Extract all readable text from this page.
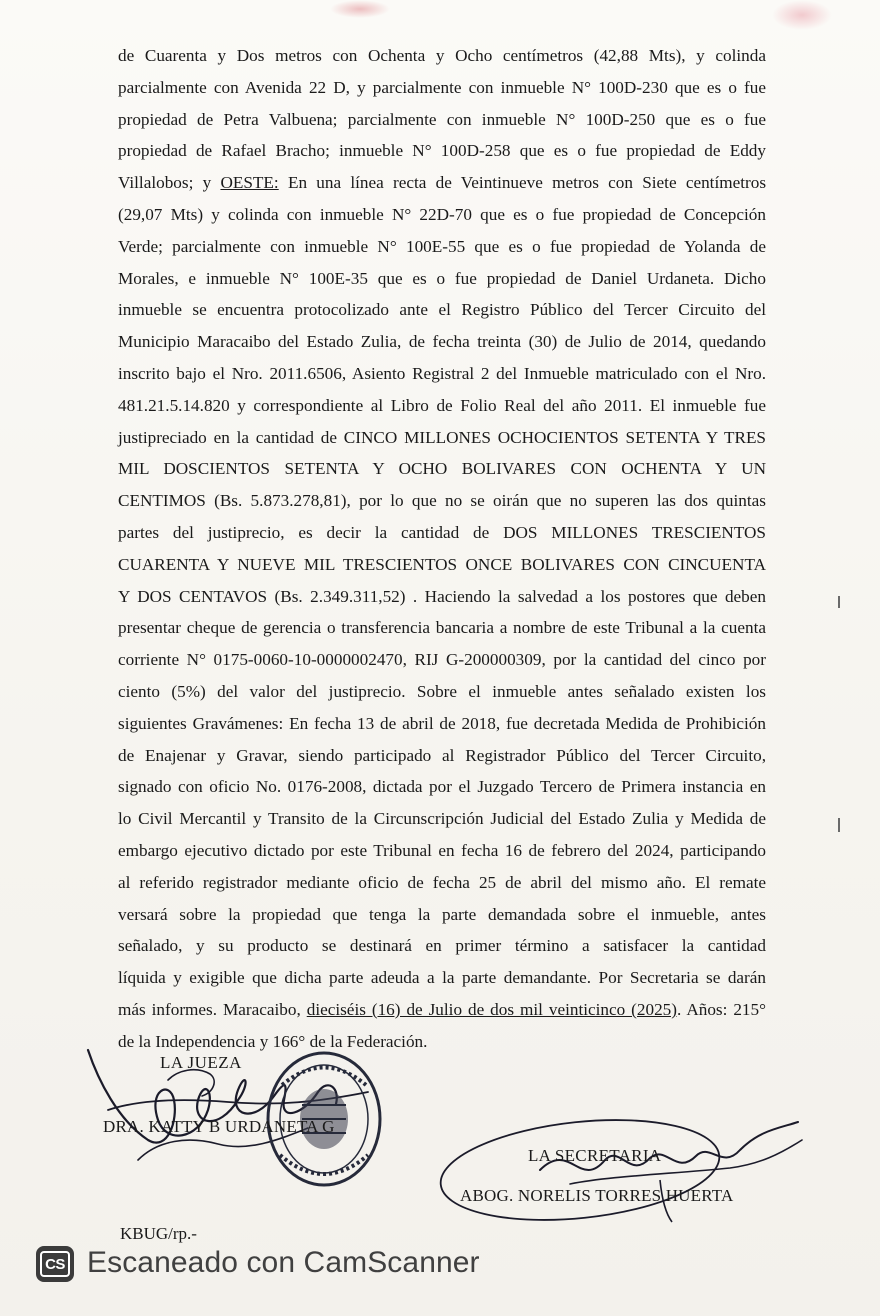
de Cuarenta y Dos metros con Ochenta y Ocho centímetros (42,88 Mts), y colinda
parcialmente con Avenida 22 D, y parcialmente con inmueble N° 100D-230 que es o fue
propiedad de Petra Valbuena; parcialmente con inmueble N° 100D-250 que es o fue
propiedad de Rafael Bracho; inmueble N° 100D-258 que es o fue propiedad de Eddy
Villalobos; y OESTE: En una línea recta de Veintinueve metros con Siete centímetros
(29,07 Mts) y colinda con inmueble N° 22D-70 que es o fue propiedad de Concepción
Verde; parcialmente con inmueble N° 100E-55 que es o fue propiedad de Yolanda de
Morales, e inmueble N° 100E-35 que es o fue propiedad de Daniel Urdaneta. Dicho
inmueble se encuentra protocolizado ante el Registro Público del Tercer Circuito del
Municipio Maracaibo del Estado Zulia, de fecha treinta (30) de Julio de 2014, quedando
inscrito bajo el Nro. 2011.6506, Asiento Registral 2 del Inmueble matriculado con el Nro.
481.21.5.14.820 y correspondiente al Libro de Folio Real del año 2011. El inmueble fue
justipreciado en la cantidad de CINCO MILLONES OCHOCIENTOS SETENTA Y TRES
MIL DOSCIENTOS SETENTA Y OCHO BOLIVARES CON OCHENTA Y UN
CENTIMOS (Bs. 5.873.278,81), por lo que no se oirán que no superen las dos quintas
partes del justiprecio, es decir la cantidad de DOS MILLONES TRESCIENTOS
CUARENTA Y NUEVE MIL TRESCIENTOS ONCE BOLIVARES CON CINCUENTA
Y DOS CENTAVOS (Bs. 2.349.311,52) . Haciendo la salvedad a los postores que deben
presentar cheque de gerencia o transferencia bancaria a nombre de este Tribunal a la cuenta
corriente N° 0175-0060-10-0000002470, RIJ G-200000309, por la cantidad del cinco por
ciento (5%) del valor del justiprecio. Sobre el inmueble antes señalado existen los
siguientes Gravámenes: En fecha 13 de abril de 2018, fue decretada Medida de Prohibición
de Enajenar y Gravar, siendo participado al Registrador Público del Tercer Circuito,
signado con oficio No. 0176-2008, dictada por el Juzgado Tercero de Primera instancia en
lo Civil Mercantil y Transito de la Circunscripción Judicial del Estado Zulia y Medida de
embargo ejecutivo dictado por este Tribunal en fecha 16 de febrero del 2024, participando
al referido registrador mediante oficio de fecha 25 de abril del mismo año. El remate
versará sobre la propiedad que tenga la parte demandada sobre el inmueble, antes
señalado, y su producto se destinará en primer término a satisfacer la cantidad
líquida y exigible que dicha parte adeuda a la parte demandante. Por Secretaria se darán
más informes. Maracaibo, dieciséis (16) de Julio de dos mil veinticinco (2025). Años: 215°
de la Independencia y 166° de la Federación.
LA JUEZA
DRA. KATTY B URDANETA G
LA SECRETARIA
ABOG. NORELIS TORRES HUERTA
KBUG/rp.-
CS Escaneado con CamScanner
